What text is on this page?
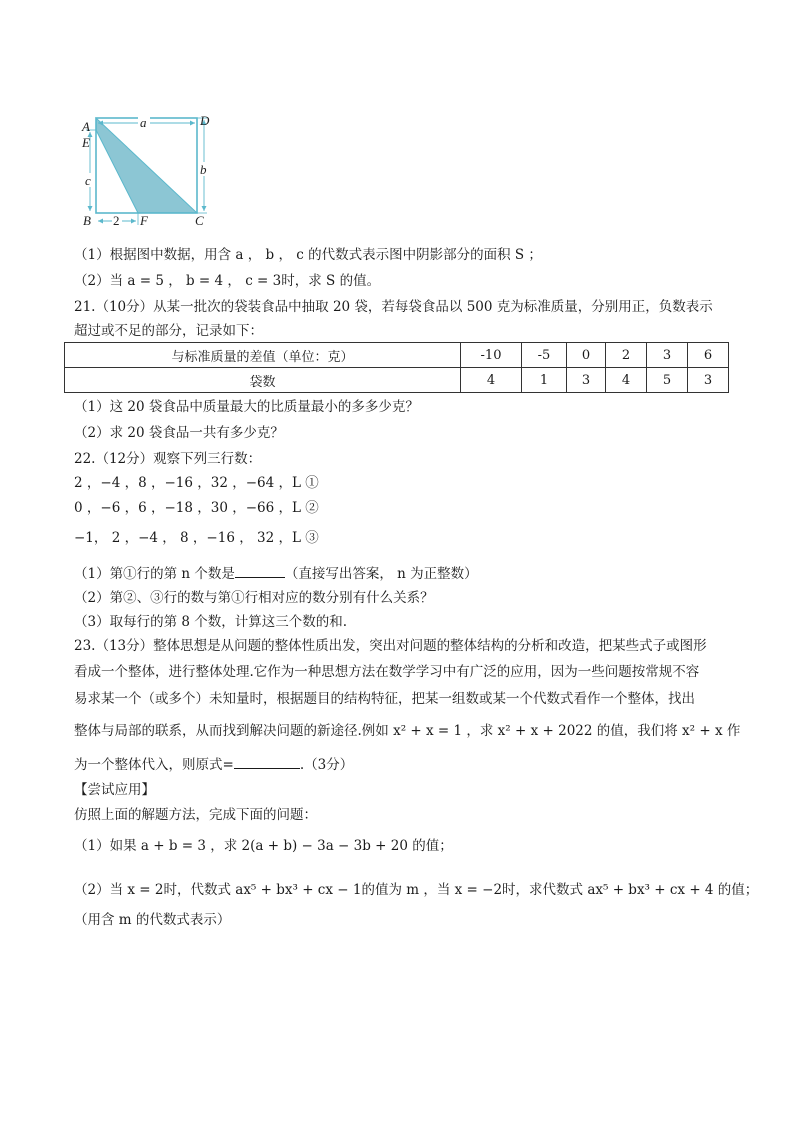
A
E
D
B	F	C
a
b
c
2
（1）根据图中数据，用含 a ， b ， c 的代数式表示图中阴影部分的面积 S ；
（2）当 a = 5 ， b = 4 ， c = 3时，求 S 的值。
21.（10分）从某一批次的袋装食品中抽取 20 袋，若每袋食品以 500 克为标准质量，分别用正，负数表示
超过或不足的部分，记录如下：
与标准质量的差值（单位：克）	-10	-5	0	2	3	6
袋数	4	1	3	4	5	3
（1）这 20 袋食品中质量最大的比质量最小的多多少克？
（2）求 20 袋食品一共有多少克？
22.（12分）观察下列三行数：
2 ，−4 ，8 ，−16 ，32 ，−64 ，L ①
0 ，−6 ，6 ，−18 ，30 ，−66 ，L ②
−1， 2 ，−4 ， 8 ，−16 ， 32 ，L ③
（1）第①行的第 n 个数是	（直接写出答案， n 为正整数）
（2）第②、③行的数与第①行相对应的数分别有什么关系？
（3）取每行的第 8 个数，计算这三个数的和.
23.（13分）整体思想是从问题的整体性质出发，突出对问题的整体结构的分析和改造，把某些式子或图形
看成一个整体，进行整体处理.它作为一种思想方法在数学学习中有广泛的应用，因为一些问题按常规不容
易求某一个（或多个）未知量时，根据题目的结构特征，把某一组数或某一个代数式看作一个整体，找出
整体与局部的联系，从而找到解决问题的新途径.例如 x² + x = 1 ，求 x² + x + 2022 的值，我们将 x² + x 作
为一个整体代入，则原式=	.（3分）
【尝试应用】
仿照上面的解题方法，完成下面的问题：
（1）如果 a + b = 3 ，求 2(a + b) − 3a − 3b + 20 的值；
（2）当 x = 2时，代数式 ax⁵ + bx³ + cx − 1的值为 m ，当 x = −2时，求代数式 ax⁵ + bx³ + cx + 4 的值；
（用含 m 的代数式表示）
